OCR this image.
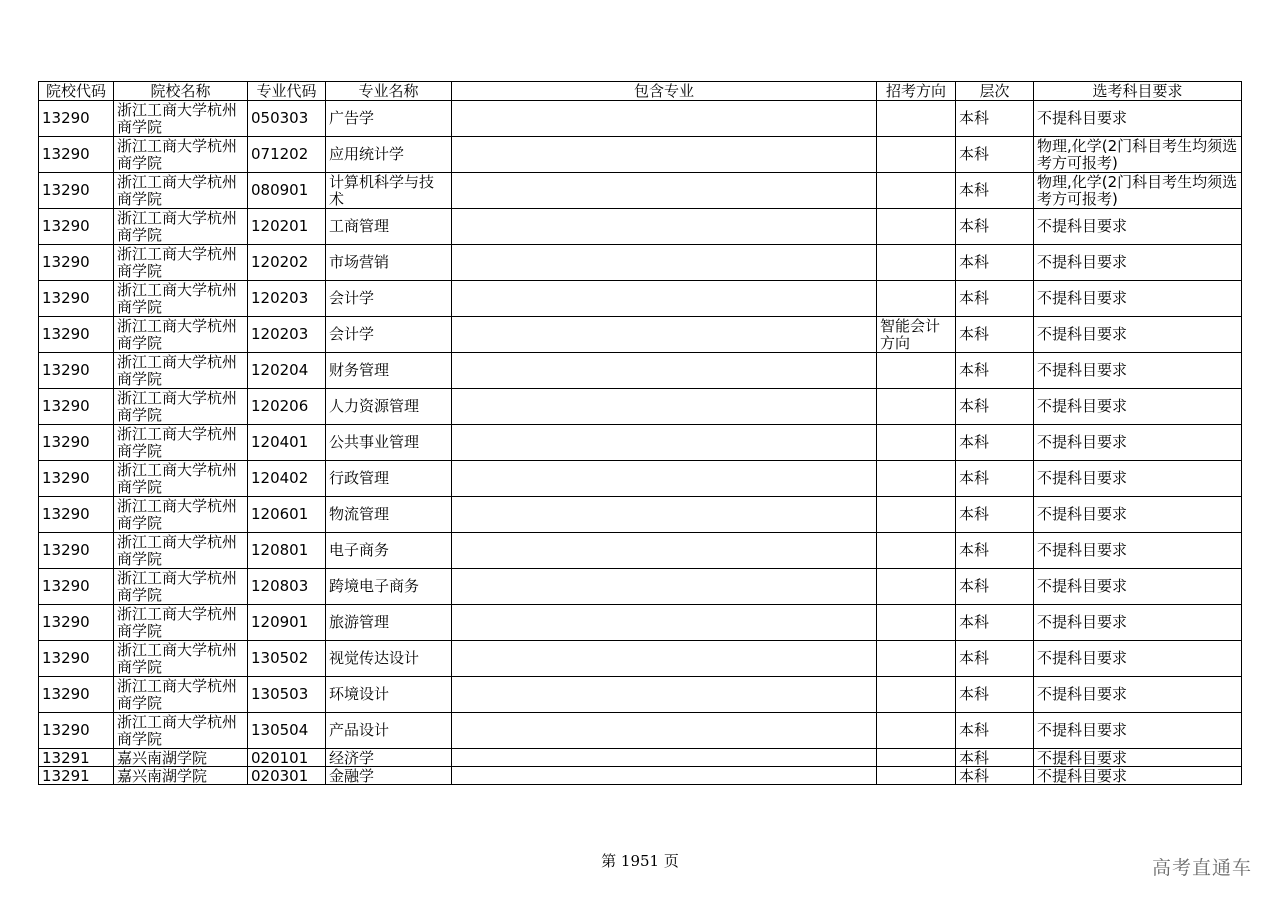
院校代码	院校名称	专业代码	专业名称	包含专业	招考方向	层次	选考科目要求
13290	浙江工商大学杭州商学院	050303	广告学			本科	不提科目要求
13290	浙江工商大学杭州商学院	071202	应用统计学			本科	物理,化学(2门科目考生均须选考方可报考)
13290	浙江工商大学杭州商学院	080901	计算机科学与技术			本科	物理,化学(2门科目考生均须选考方可报考)
13290	浙江工商大学杭州商学院	120201	工商管理			本科	不提科目要求
13290	浙江工商大学杭州商学院	120202	市场营销			本科	不提科目要求
13290	浙江工商大学杭州商学院	120203	会计学			本科	不提科目要求
13290	浙江工商大学杭州商学院	120203	会计学		智能会计方向	本科	不提科目要求
13290	浙江工商大学杭州商学院	120204	财务管理			本科	不提科目要求
13290	浙江工商大学杭州商学院	120206	人力资源管理			本科	不提科目要求
13290	浙江工商大学杭州商学院	120401	公共事业管理			本科	不提科目要求
13290	浙江工商大学杭州商学院	120402	行政管理			本科	不提科目要求
13290	浙江工商大学杭州商学院	120601	物流管理			本科	不提科目要求
13290	浙江工商大学杭州商学院	120801	电子商务			本科	不提科目要求
13290	浙江工商大学杭州商学院	120803	跨境电子商务			本科	不提科目要求
13290	浙江工商大学杭州商学院	120901	旅游管理			本科	不提科目要求
13290	浙江工商大学杭州商学院	130502	视觉传达设计			本科	不提科目要求
13290	浙江工商大学杭州商学院	130503	环境设计			本科	不提科目要求
13290	浙江工商大学杭州商学院	130504	产品设计			本科	不提科目要求
13291	嘉兴南湖学院	020101	经济学			本科	不提科目要求
13291	嘉兴南湖学院	020301	金融学			本科	不提科目要求
第 1951 页	高考直通车
